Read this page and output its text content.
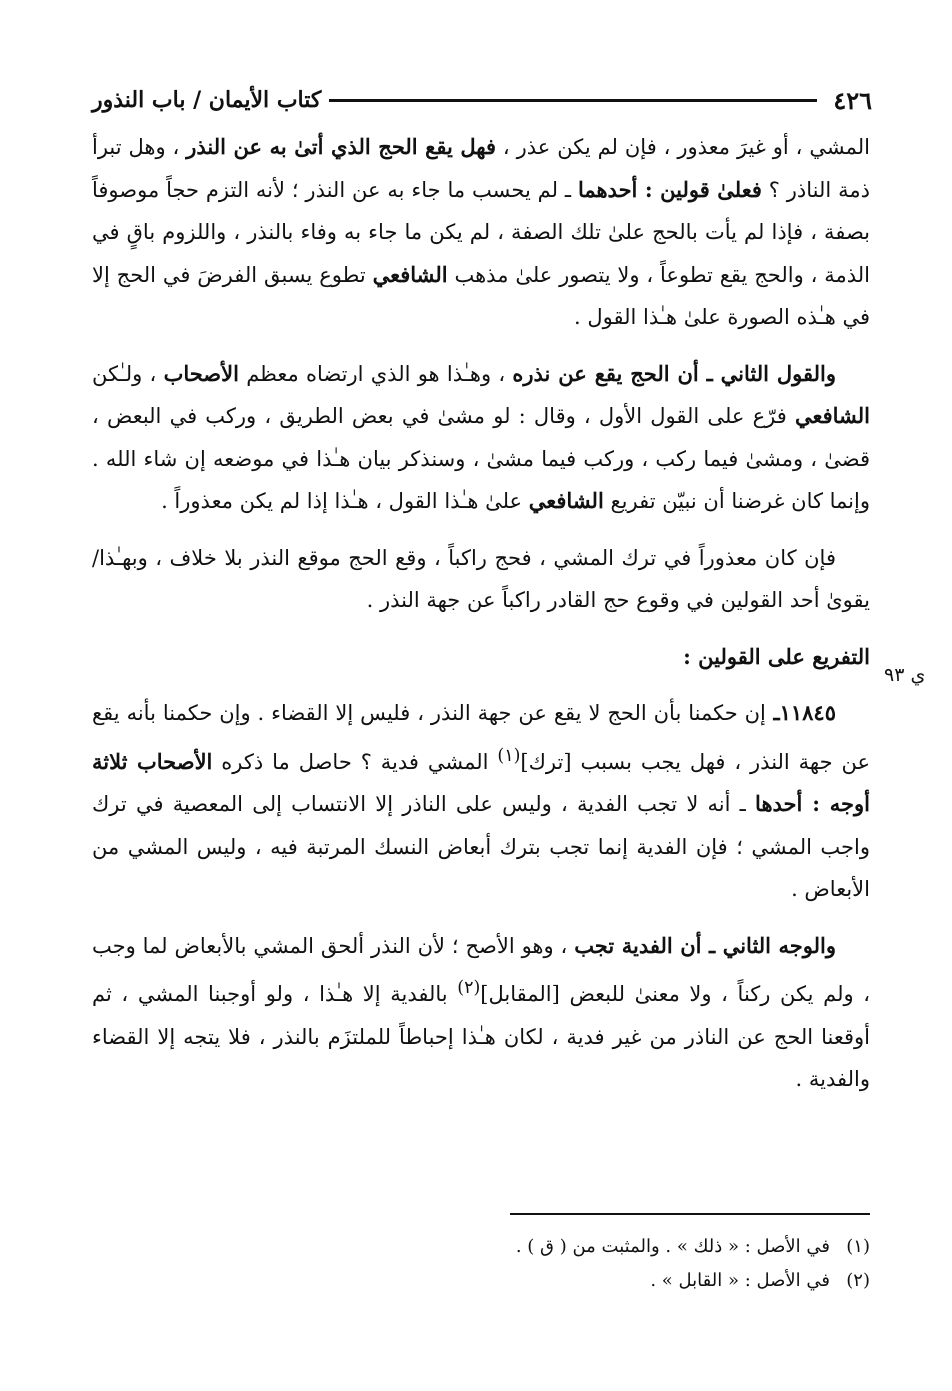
٤٢٦
كتاب الأيمان / باب النذور

المشي ، أو غيرَ معذور ، فإن لم يكن عذر ، فهل يقع الحج الذي أتىٰ به عن النذر ، وهل تبرأ ذمة الناذر ؟ فعلىٰ قولين : أحدهما ـ لم يحسب ما جاء به عن النذر ؛ لأنه التزم حجاً موصوفاً بصفة ، فإذا لم يأت بالحج علىٰ تلك الصفة ، لم يكن ما جاء به وفاء بالنذر ، واللزوم باقٍ في الذمة ، والحج يقع تطوعاً ، ولا يتصور علىٰ مذهب الشافعي تطوع يسبق الفرضَ في الحج إلا في هـٰذه الصورة علىٰ هـٰذا القول .

والقول الثاني ـ أن الحج يقع عن نذره ، وهـٰذا هو الذي ارتضاه معظم الأصحاب ، ولـٰكن الشافعي فرّع على القول الأول ، وقال : لو مشىٰ في بعض الطريق ، وركب في البعض ، قضىٰ ، ومشىٰ فيما ركب ، وركب فيما مشىٰ ، وسنذكر بيان هـٰذا في موضعه إن شاء الله . وإنما كان غرضنا أن نبيّن تفريع الشافعي علىٰ هـٰذا القول ، هـٰذا إذا لم يكن معذوراً .

فإن كان معذوراً في ترك المشي ، فحج راكباً ، وقع الحج موقع النذر بلا خلاف ، وبهـٰذا/ يقوىٰ أحد القولين في وقوع حج القادر راكباً عن جهة النذر .

التفريع على القولين :

١١٨٤٥ـ إن حكمنا بأن الحج لا يقع عن جهة النذر ، فليس إلا القضاء . وإن حكمنا بأنه يقع عن جهة النذر ، فهل يجب بسبب [ترك]$^{(١)}$ المشي فدية ؟ حاصل ما ذكره الأصحاب ثلاثة أوجه : أحدها ـ أنه لا تجب الفدية ، وليس على الناذر إلا الانتساب إلى المعصية في ترك واجب المشي ؛ فإن الفدية إنما تجب بترك أبعاض النسك المرتبة فيه ، وليس المشي من الأبعاض .

والوجه الثاني ـ أن الفدية تجب ، وهو الأصح ؛ لأن النذر ألحق المشي بالأبعاض لما وجب ، ولم يكن ركناً ، ولا معنىٰ للبعض [المقابل]$^{(٢)}$ بالفدية إلا هـٰذا ، ولو أوجبنا المشي ، ثم أوقعنا الحج عن الناذر من غير فدية ، لكان هـٰذا إحباطاً للملتزَم بالنذر ، فلا يتجه إلا القضاء والفدية .

ي ٩٣
(١)في الأصل : « ذلك » . والمثبت من ( ق ) .
(٢)في الأصل : « القابل » .
